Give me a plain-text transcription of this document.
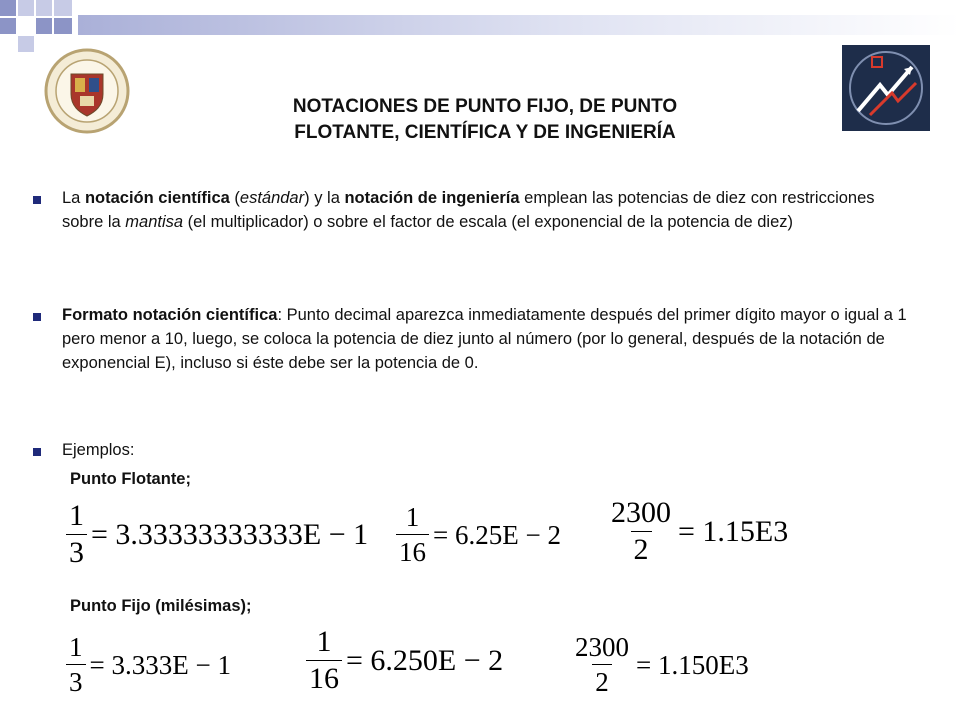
NOTACIONES DE PUNTO FIJO, DE PUNTO
FLOTANTE, CIENTÍFICA Y DE INGENIERÍA
La notación científica (estándar) y la notación de ingeniería emplean las potencias de diez con restricciones sobre la mantisa (el multiplicador) o sobre el factor de escala (el exponencial de la potencia de diez)
Formato notación científica: Punto decimal aparezca inmediatamente después del primer dígito mayor o igual a 1 pero menor a 10, luego, se coloca la potencia de diez junto al número (por lo general, después de la notación de exponencial E), incluso si éste debe ser la potencia de 0.
Ejemplos:
Punto Flotante;
$\frac{1}{3} = 3.33333333333E - 1 \frac{1}{16} = 6.25E - 2 \frac{2300}{2} = 1.15E3$
Punto Fijo (milésimas);
$\frac{1}{3} = 3.333E - 1$	$\frac{1}{16} = 6.250E - 2$	$\frac{2300}{2} = 1.150E3$
